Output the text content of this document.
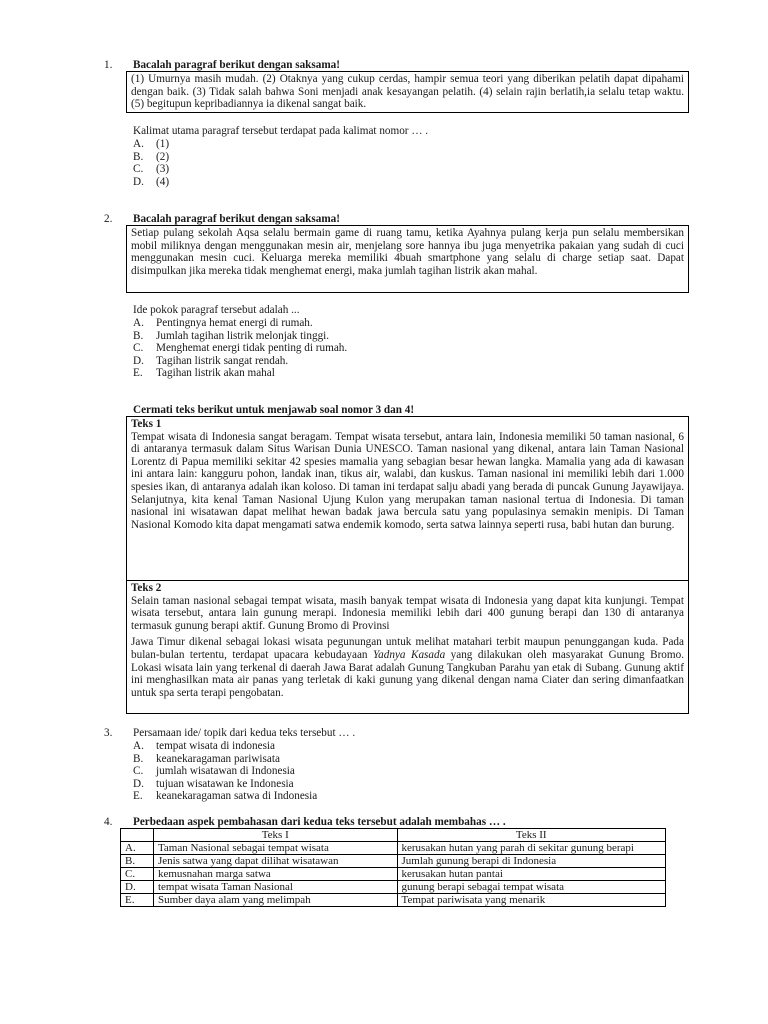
1. Bacalah paragraf berikut dengan saksama!

(1) Umurnya masih mudah. (2) Otaknya yang cukup cerdas, hampir semua teori yang diberikan pelatih dapat dipahami dengan baik. (3) Tidak salah bahwa Soni menjadi anak kesayangan pelatih. (4) selain rajin berlatih,ia selalu tetap waktu. (5) begitupun kepribadiannya ia dikenal sangat baik.

Kalimat utama paragraf tersebut terdapat pada kalimat nomor … .
A.	(1)
B.	(2)
C.	(3)
D.	(4)
2. Bacalah paragraf berikut dengan saksama!

Setiap pulang sekolah Aqsa selalu bermain game di ruang tamu, ketika Ayahnya pulang kerja pun selalu membersikan mobil miliknya dengan menggunakan mesin air, menjelang sore hannya ibu juga menyetrika pakaian yang sudah di cuci menggunakan mesin cuci. Keluarga mereka memiliki 4buah smartphone yang selalu di charge setiap saat. Dapat disimpulkan jika mereka tidak menghemat energi, maka jumlah tagihan listrik akan mahal.

Ide pokok paragraf tersebut adalah ...
A.	Pentingnya hemat energi di rumah.
B.	Jumlah tagihan listrik melonjak tinggi.
C.	Menghemat energi tidak penting di rumah.
D.	Tagihan listrik sangat rendah.
E.	Tagihan listrik akan mahal
Cermati teks berikut untuk menjawab soal nomor 3 dan 4!
Teks 1

Tempat wisata di Indonesia sangat beragam. Tempat wisata tersebut, antara lain, Indonesia memiliki 50 taman nasional, 6 di antaranya termasuk dalam Situs Warisan Dunia UNESCO. Taman nasional yang dikenal, antara lain Taman Nasional Lorentz di Papua memiliki sekitar 42 spesies mamalia yang sebagian besar hewan langka. Mamalia yang ada di kawasan ini antara lain: kangguru pohon, landak inan, tikus air, walabi, dan kuskus. Taman nasional ini memiliki lebih dari 1.000 spesies ikan, di antaranya adalah ikan koloso. Di taman ini terdapat salju abadi yang berada di puncak Gunung Jayawijaya. Selanjutnya, kita kenal Taman Nasional Ujung Kulon yang merupakan taman nasional tertua di Indonesia. Di taman nasional ini wisatawan dapat melihat hewan badak jawa bercula satu yang populasinya semakin menipis. Di Taman Nasional Komodo kita dapat mengamati satwa endemik komodo, serta satwa lainnya seperti rusa, babi hutan dan burung.

Teks 2

Selain taman nasional sebagai tempat wisata, masih banyak tempat wisata di Indonesia yang dapat kita kunjungi. Tempat wisata tersebut, antara lain gunung merapi. Indonesia memiliki lebih dari 400 gunung berapi dan 130 di antaranya termasuk gunung berapi aktif. Gunung Bromo di Provinsi

Jawa Timur dikenal sebagai lokasi wisata pegunungan untuk melihat matahari terbit maupun penunggangan kuda. Pada bulan-bulan tertentu, terdapat upacara kebudayaan Yadnya Kasada yang dilakukan oleh masyarakat Gunung Bromo. Lokasi wisata lain yang terkenal di daerah Jawa Barat adalah Gunung Tangkuban Parahu yan etak di Subang. Gunung aktif ini menghasilkan mata air panas yang terletak di kaki gunung yang dikenal dengan nama Ciater dan sering dimanfaatkan untuk spa serta terapi pengobatan.

3. Persamaan ide/ topik dari kedua teks tersebut … .
A.	tempat wisata di indonesia
B.	keanekaragaman pariwisata
C.	jumlah wisatawan di Indonesia
D.	tujuan wisatawan ke Indonesia
E.	keanekaragaman satwa di Indonesia
4. Perbedaan aspek pembahasan dari kedua teks tersebut adalah membahas … .
	Teks I	Teks II
A.	Taman Nasional sebagai tempat wisata	kerusakan hutan yang parah di sekitar gunung berapi
B.	Jenis satwa yang dapat dilihat wisatawan	Jumlah gunung berapi di Indonesia
C.	kemusnahan marga satwa	kerusakan hutan pantai
D.	tempat wisata Taman Nasional	gunung berapi sebagai tempat wisata
E.	Sumber daya alam yang melimpah	Tempat pariwisata yang menarik
